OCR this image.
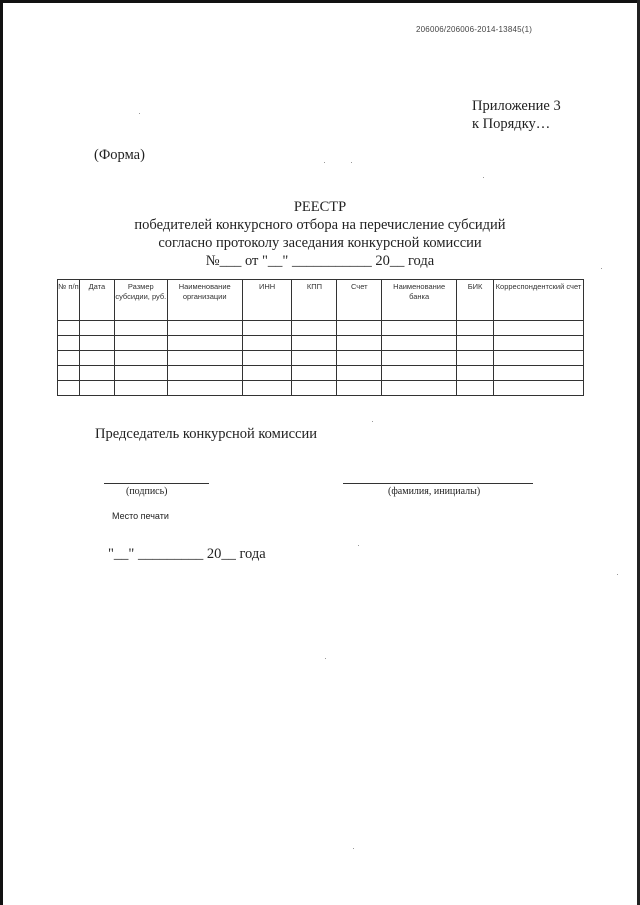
206006/206006-2014-13845(1)
Приложение 3
к Порядку…
(Форма)
РЕЕСТР
победителей конкурсного отбора на перечисление субсидий
согласно протоколу заседания конкурсной комиссии
№___ от "__" ___________ 20__ года
№ п/п	Дата	Размер субсидии, руб.	Наименование организации	ИНН	КПП	Счет	Наименование банка	БИК	Корреспондентский счет

Председатель конкурсной комиссии
(подпись)	(фамилия, инициалы)
Место печати
"__" _________ 20__ года
